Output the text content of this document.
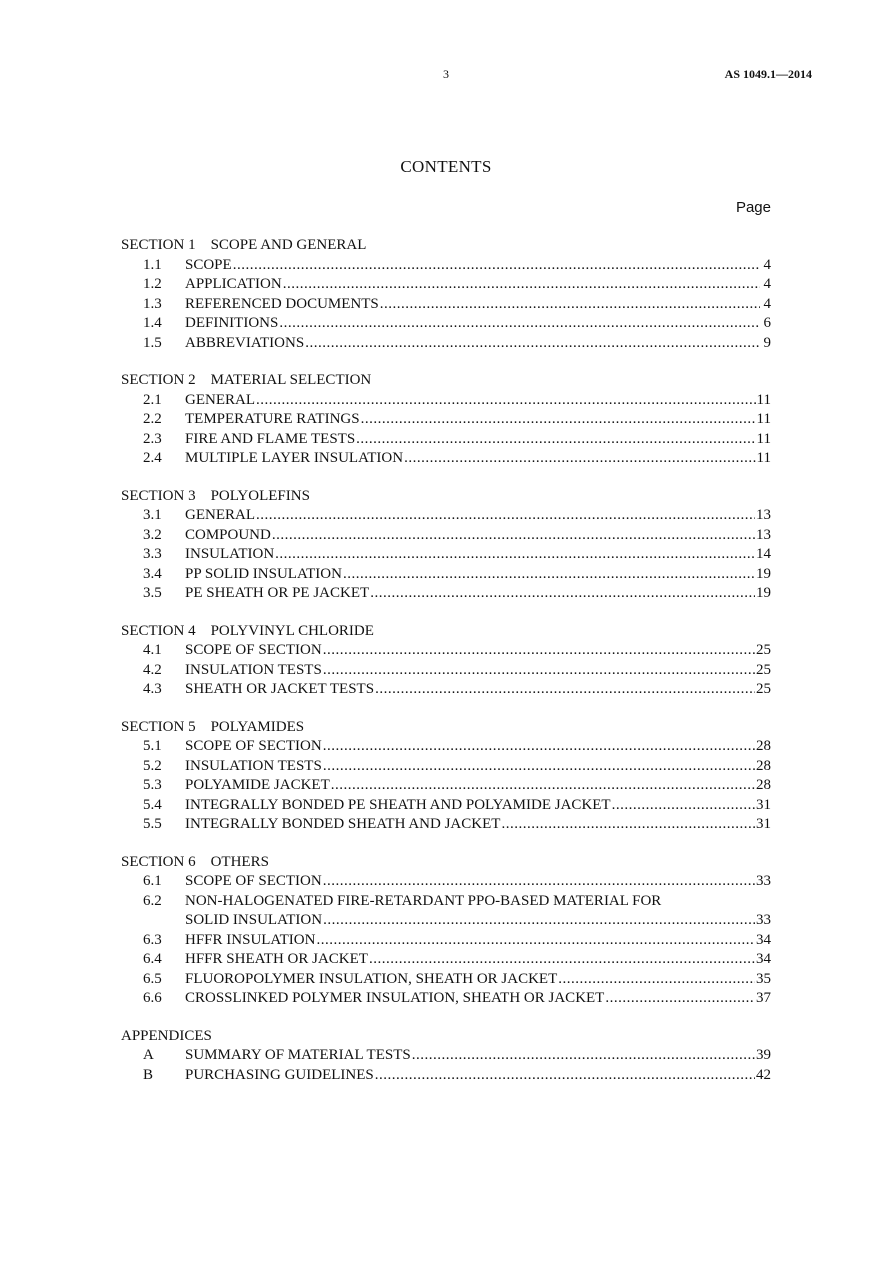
3	AS 1049.1—2014
CONTENTS
Page
SECTION 1    SCOPE AND GENERAL
1.1	SCOPE .....	4
1.2	APPLICATION .....	4
1.3	REFERENCED DOCUMENTS .....	4
1.4	DEFINITIONS .....	6
1.5	ABBREVIATIONS .....	9
SECTION 2    MATERIAL SELECTION
2.1	GENERAL .....	11
2.2	TEMPERATURE RATINGS .....	11
2.3	FIRE AND FLAME TESTS .....	11
2.4	MULTIPLE LAYER INSULATION .....	11
SECTION 3    POLYOLEFINS
3.1	GENERAL .....	13
3.2	COMPOUND .....	13
3.3	INSULATION .....	14
3.4	PP SOLID INSULATION .....	19
3.5	PE SHEATH OR PE JACKET .....	19
SECTION 4    POLYVINYL CHLORIDE
4.1	SCOPE OF SECTION .....	25
4.2	INSULATION TESTS .....	25
4.3	SHEATH OR JACKET TESTS .....	25
SECTION 5    POLYAMIDES
5.1	SCOPE OF SECTION .....	28
5.2	INSULATION TESTS .....	28
5.3	POLYAMIDE JACKET .....	28
5.4	INTEGRALLY BONDED PE SHEATH AND POLYAMIDE JACKET .....	31
5.5	INTEGRALLY BONDED SHEATH AND JACKET .....	31
SECTION 6    OTHERS
6.1	SCOPE OF SECTION .....	33
6.2	NON-HALOGENATED FIRE-RETARDANT PPO-BASED MATERIAL FOR
SOLID INSULATION .....	33
6.3	HFFR INSULATION .....	34
6.4	HFFR SHEATH OR JACKET .....	34
6.5	FLUOROPOLYMER INSULATION, SHEATH OR JACKET .....	35
6.6	CROSSLINKED POLYMER INSULATION, SHEATH OR JACKET .....	37
APPENDICES
A	SUMMARY OF MATERIAL TESTS .....	39
B	PURCHASING GUIDELINES .....	42
